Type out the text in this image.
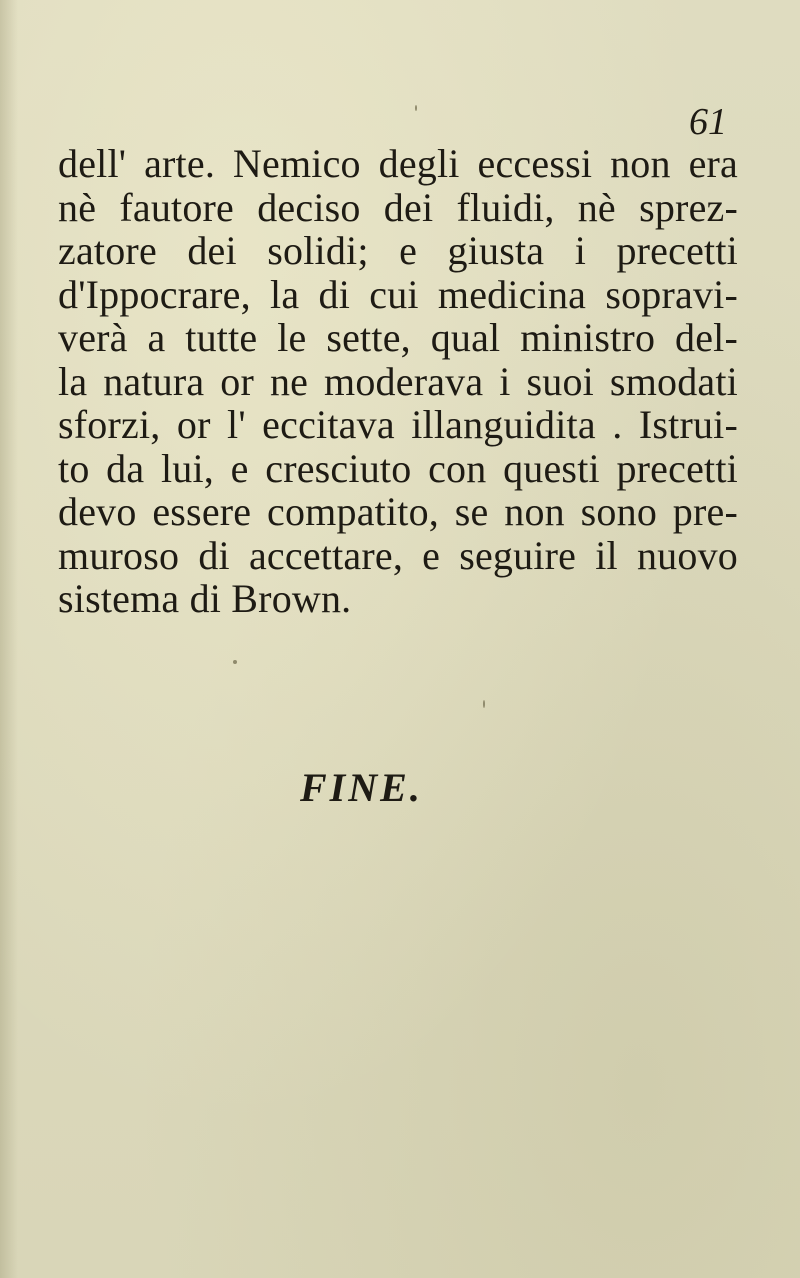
61
dell' arte. Nemico degli eccessi non era
nè fautore deciso dei fluidi, nè sprez-
zatore dei solidi; e giusta i precetti
d'Ippocrare, la di cui medicina sopravi-
verà a tutte le sette, qual ministro del-
la natura or ne moderava i suoi smodati
sforzi, or l' eccitava illanguidita . Istrui-
to da lui, e cresciuto con questi precetti
devo essere compatito, se non sono pre-
muroso di accettare, e seguire il nuovo
sistema di Brown.
FINE.
